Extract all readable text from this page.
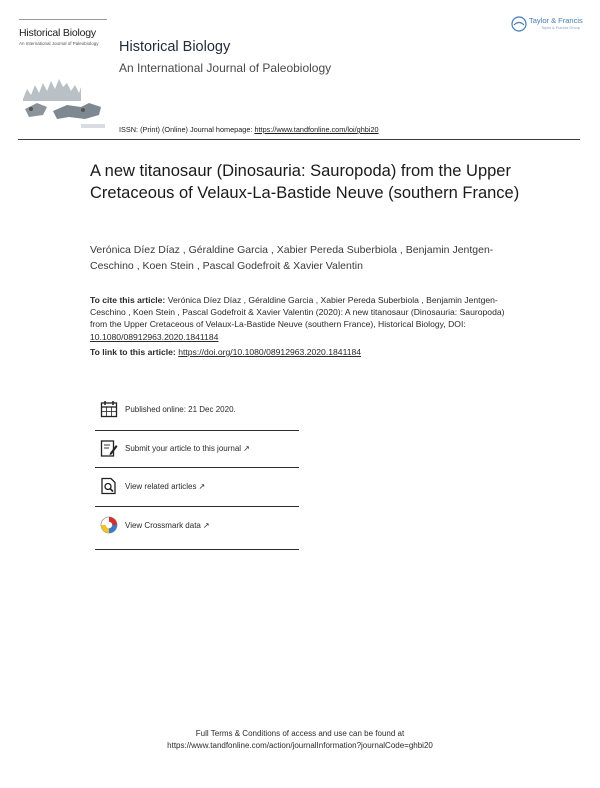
Historical Biology
An International Journal of Paleobiology
Taylor & Francis
Taylor & Francis Group
Historical Biology
An International Journal of Paleobiology
ISSN: (Print) (Online) Journal homepage: https://www.tandfonline.com/loi/ghbi20
A new titanosaur (Dinosauria: Sauropoda) from the Upper Cretaceous of Velaux-La-Bastide Neuve (southern France)
Verónica Díez Díaz , Géraldine Garcia , Xabier Pereda Suberbiola , Benjamin Jentgen-Ceschino , Koen Stein , Pascal Godefroit & Xavier Valentin
To cite this article: Verónica Díez Díaz , Géraldine Garcia , Xabier Pereda Suberbiola , Benjamin Jentgen-Ceschino , Koen Stein , Pascal Godefroit & Xavier Valentin (2020): A new titanosaur (Dinosauria: Sauropoda) from the Upper Cretaceous of Velaux-La-Bastide Neuve (southern France), Historical Biology, DOI: 10.1080/08912963.2020.1841184
To link to this article: https://doi.org/10.1080/08912963.2020.1841184
Published online: 21 Dec 2020.
Submit your article to this journal ↗
View related articles ↗
View Crossmark data ↗
Full Terms & Conditions of access and use can be found at
https://www.tandfonline.com/action/journalInformation?journalCode=ghbi20
